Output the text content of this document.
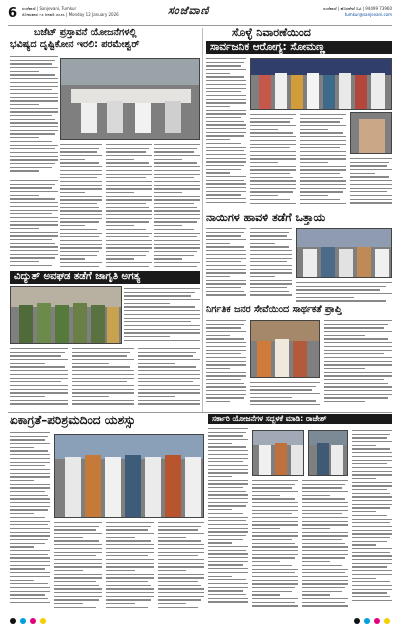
6 ಸಂಜೆವಾಣಿ | Sanjevani, Tumkur
ಸೋಮವಾರ ೧೨ ಜನವರಿ ೨೦೨೬ | Monday 12 January 2026	ಸಂಜೆವಾಣಿ	ಸಂಜೆವಾಣಿ | ಹೊಸಪೇಟೆ ಬಿಟಿ | 94499 73960
tumkur@sanjevani.com
ಬಜೆಟ್ ಪ್ರಸ್ತಾವನೆ ಯೋಜನೆಗಳಲ್ಲಿ
ಭವಿಷ್ಯದ ದೃಷ್ಟಿಕೋನ ಇರಲಿ: ಪರಮೇಶ್ವರ್
ವಿದ್ಯುತ್ ಅವಘಡ ತಡೆಗೆ ಜಾಗೃತಿ ಅಗತ್ಯ
ಸೊಳ್ಳೆ ನಿವಾರಣೆಯಿಂದ
ಸಾರ್ವಜನಿಕ ಆರೋಗ್ಯ: ಸೋಮಣ್ಣ
ನಾಯಿಗಳ ಹಾವಳಿ ತಡೆಗೆ ಒತ್ತಾಯ
ನಿರ್ಗತಿಕ ಜನರ ಸೇವೆಯಿಂದ ಸಾರ್ಥಕತೆ ಪ್ರಾಪ್ತಿ
ಏಕಾಗ್ರತೆ–ಪರಿಶ್ರಮದಿಂದ ಯಶಸ್ಸು	ಸರ್ಕಾರಿ ಯೋಜನೆಗಳ ಸದ್ಬಳಕೆ ಮಾಡಿ: ರಾಜೇಶ್
